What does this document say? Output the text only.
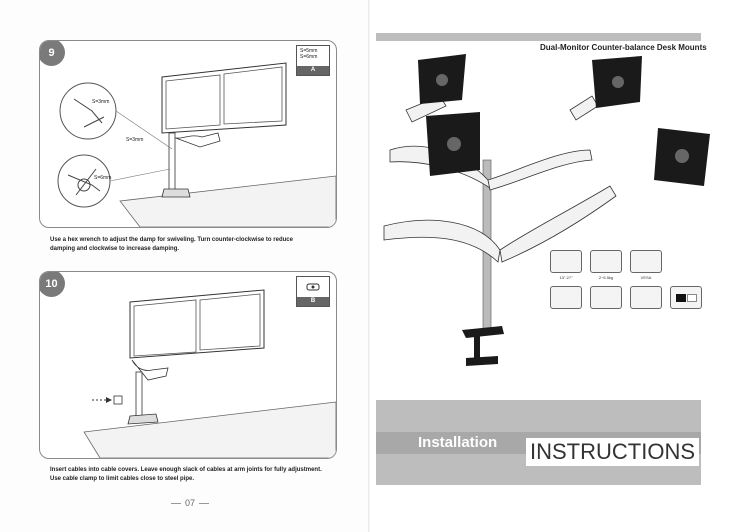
9	S=5mm
S=6mm
A
S=3mm
S=3mm
S=6mm
Use a hex wrench to adjust the damp for swiveling. Turn counter-clockwise to reduce
damping and clockwise to increase damping.
10
B
Insert cables into cable covers. Leave enough slack of cables at arm joints for fully adjustment.
Use cable clamp to limit cables close to steel pipe.
07
Dual-Monitor Counter-balance Desk Mounts
13"-27"	2~6.5kg	VESA
Installation INSTRUCTIONS
